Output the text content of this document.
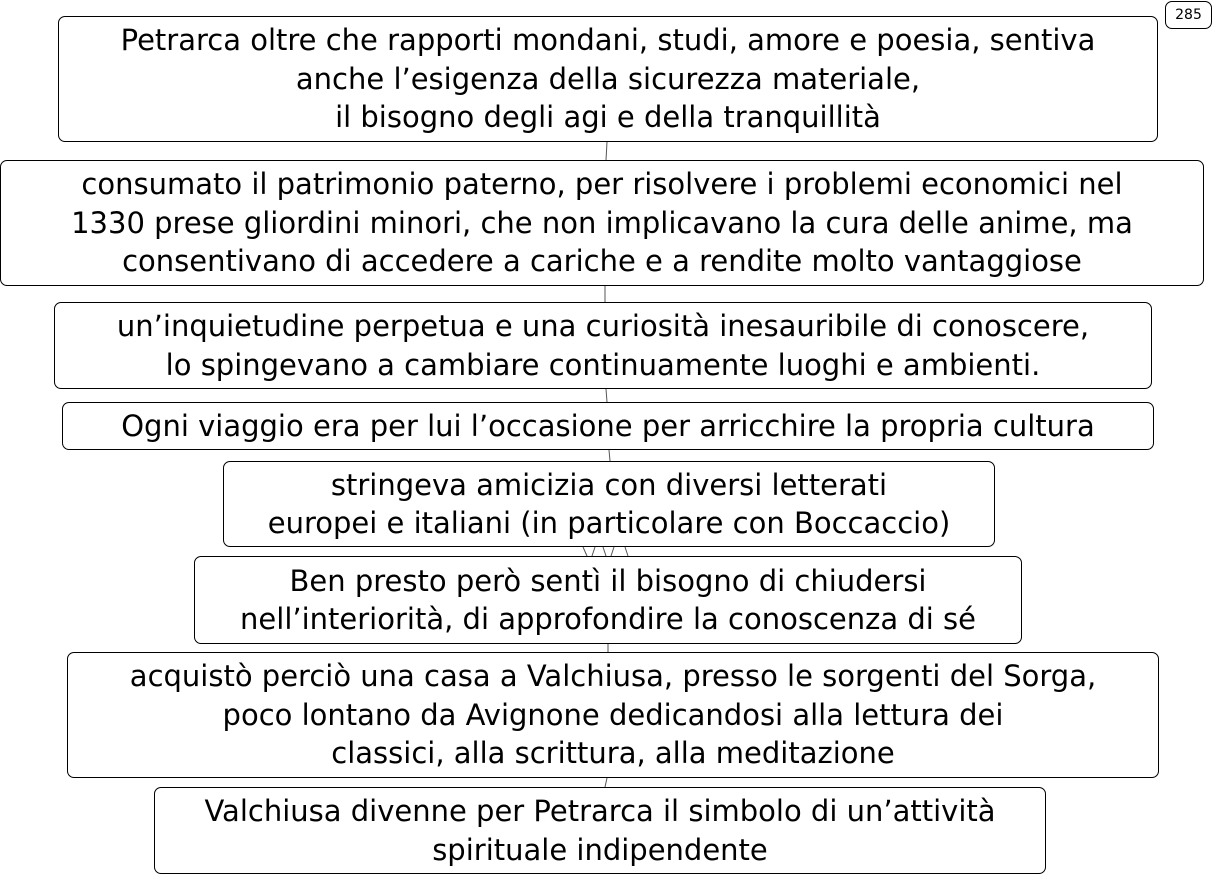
285
Petrarca oltre che rapporti mondani, studi, amore e poesia, sentiva
anche l’esigenza della sicurezza materiale,
il bisogno degli agi e della tranquillità
consumato il patrimonio paterno, per risolvere i problemi economici nel
1330 prese gliordini minori, che non implicavano la cura delle anime, ma
consentivano di accedere a cariche e a rendite molto vantaggiose
un’inquietudine perpetua e una curiosità inesauribile di conoscere,
lo spingevano a cambiare continuamente luoghi e ambienti.
Ogni viaggio era per lui l’occasione per arricchire la propria cultura
stringeva amicizia con diversi letterati
europei e italiani (in particolare con Boccaccio)
Ben presto però sentì il bisogno di chiudersi
nell’interiorità, di approfondire la conoscenza di sé
acquistò perciò una casa a Valchiusa, presso le sorgenti del Sorga,
poco lontano da Avignone dedicandosi alla lettura dei
classici, alla scrittura, alla meditazione
Valchiusa divenne per Petrarca il simbolo di un’attività
spirituale indipendente
